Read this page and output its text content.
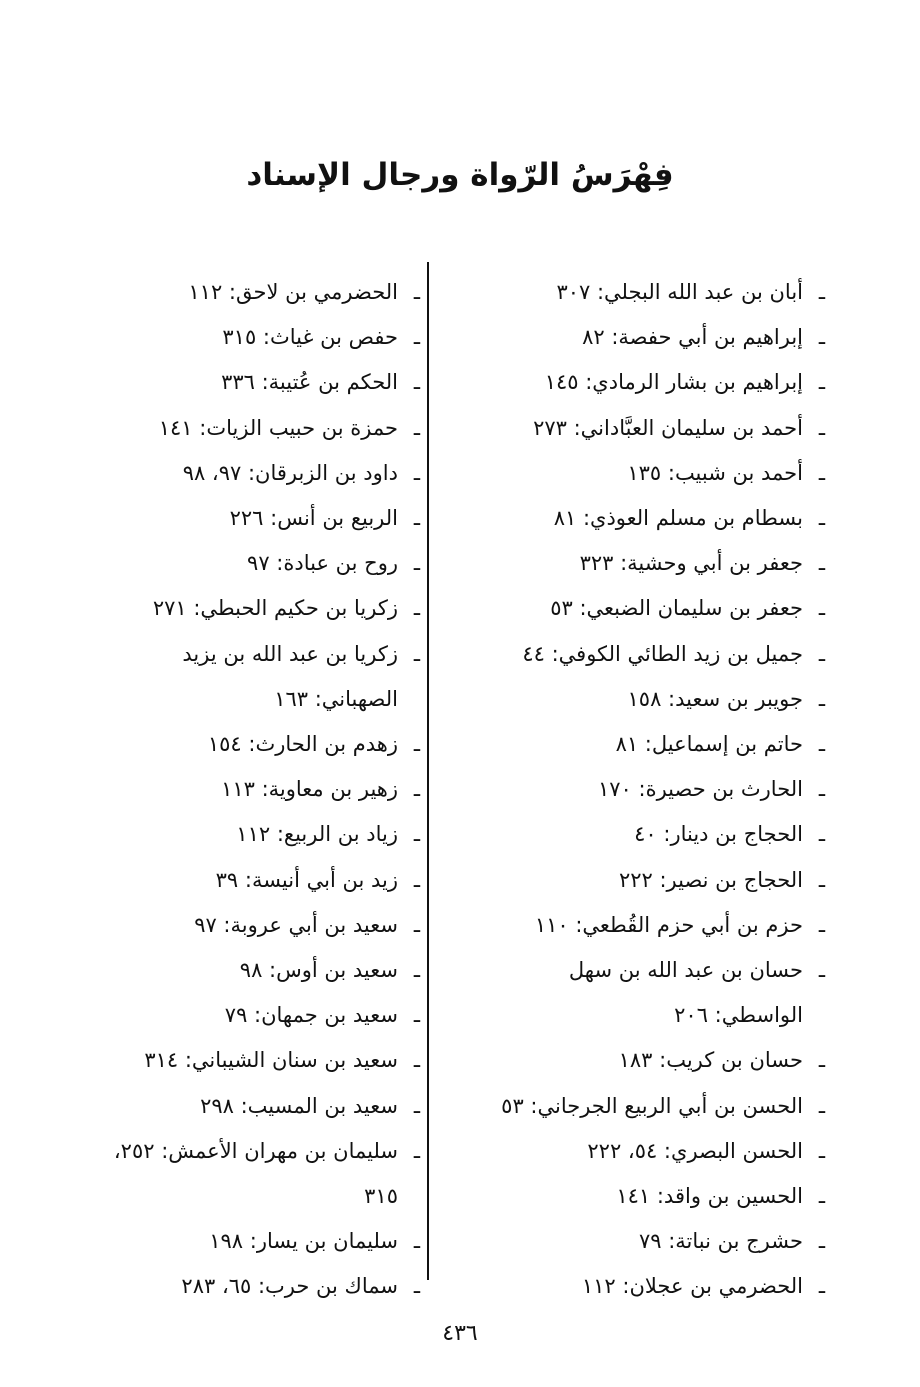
فِهْرَسُ الرّواة ورجال الإسناد
ـ أبان بن عبد الله البجلي: ٣٠٧
ـ إبراهيم بن أبي حفصة: ٨٢
ـ إبراهيم بن بشار الرمادي: ١٤٥
ـ أحمد بن سليمان العبَّاداني: ٢٧٣
ـ أحمد بن شبيب: ١٣٥
ـ بسطام بن مسلم العوذي: ٨١
ـ جعفر بن أبي وحشية: ٣٢٣
ـ جعفر بن سليمان الضبعي: ٥٣
ـ جميل بن زيد الطائي الكوفي: ٤٤
ـ جويبر بن سعيد: ١٥٨
ـ حاتم بن إسماعيل: ٨١
ـ الحارث بن حصيرة: ١٧٠
ـ الحجاج بن دينار: ٤٠
ـ الحجاج بن نصير: ٢٢٢
ـ حزم بن أبي حزم القُطعي: ١١٠
ـ حسان بن عبد الله بن سهل
الواسطي: ٢٠٦
ـ حسان بن كريب: ١٨٣
ـ الحسن بن أبي الربيع الجرجاني: ٥٣
ـ الحسن البصري: ٥٤، ٢٢٢
ـ الحسين بن واقد: ١٤١
ـ حشرج بن نباتة: ٧٩
ـ الحضرمي بن عجلان: ١١٢
ـ الحضرمي بن لاحق: ١١٢
ـ حفص بن غياث: ٣١٥
ـ الحكم بن عُتيبة: ٣٣٦
ـ حمزة بن حبيب الزيات: ١٤١
ـ داود بن الزبرقان: ٩٧، ٩٨
ـ الربيع بن أنس: ٢٢٦
ـ روح بن عبادة: ٩٧
ـ زكريا بن حكيم الحبطي: ٢٧١
ـ زكريا بن عبد الله بن يزيد
الصهباني: ١٦٣
ـ زهدم بن الحارث: ١٥٤
ـ زهير بن معاوية: ١١٣
ـ زياد بن الربيع: ١١٢
ـ زيد بن أبي أنيسة: ٣٩
ـ سعيد بن أبي عروبة: ٩٧
ـ سعيد بن أوس: ٩٨
ـ سعيد بن جمهان: ٧٩
ـ سعيد بن سنان الشيباني: ٣١٤
ـ سعيد بن المسيب: ٢٩٨
ـ سليمان بن مهران الأعمش: ٢٥٢،
٣١٥
ـ سليمان بن يسار: ١٩٨
ـ سماك بن حرب: ٦٥، ٢٨٣
٤٣٦
